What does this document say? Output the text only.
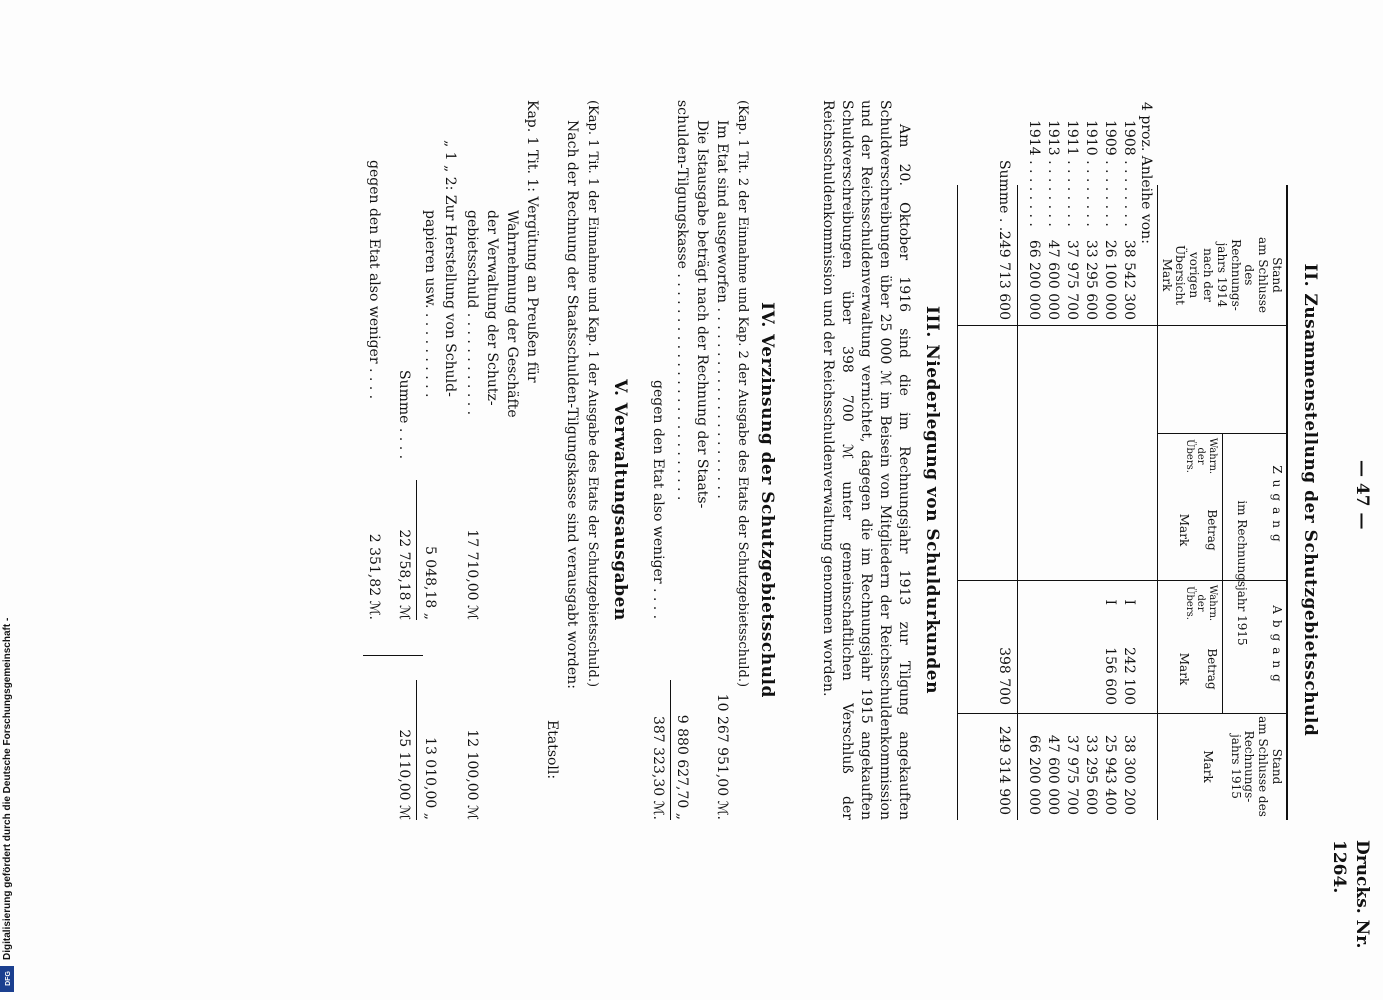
— 47 —
Drucks. Nr. 1264.
II. Zusammenstellung der Schutzgebietsschuld
Stand
am Schlusse des
Rechnungs-
jahrs 1914
nach der vorigen
Übersicht
Mark
Zugang
Abgang
im Rechnungsjahr 1915
Wahrn.
der
Übers.
Betrag

Mark
Wahrn.
der
Übers.
Betrag

Mark
Stand
am Schlusse des
Rechnungs-
jahrs 1915

Mark
4 proz. Anleihe von:
1908 . . . . . . . .
38 542 300
I
242 100
38 300 200
1909 . . . . . . . .
26 100 000
I
156 600
25 943 400
1910 . . . . . . . .
33 295 600
33 295 600
1911 . . . . . . . .
37 975 700
37 975 700
1913 . . . . . . . .
47 600 000
47 600 000
1914 . . . . . . . .
66 200 000
66 200 000
Summe . . .
249 713 600
398 700
249 314 900
III. Niederlegung von Schuldurkunden
Am 20. Oktober 1916 sind die im Rechnungsjahr 1913 zur Tilgung angekauften Schuldverschreibungen über 25 000 ℳ im Beisein von Mitgliedern der Reichsschuldenkommission und der Reichsschuldenverwaltung vernichtet, dagegen die im Rechnungsjahr 1915 angekauften Schuldverschreibungen über 398 700 ℳ unter gemeinschaftlichen Verschluß der Reichsschuldenkommission und der Reichsschuldenverwaltung genommen worden.
IV. Verzinsung der Schutzgebietsschuld
(Kap. 1 Tit. 2 der Einnahme und Kap. 2 der Ausgabe des Etats der Schutzgebietsschuld.)
Im Etat sind ausgeworfen . . . . . . . . . . . . . . . . . . . . . .
10 267 951,00 ℳ.
Die Istausgabe beträgt nach der Rechnung der Staats-
schulden-Tilgungskasse . . . . . . . . . . . . . . . . . . . . . . . . . .
9 880 627,70 „
gegen den Etat also weniger . . . .
387 323,30 ℳ.
V. Verwaltungsausgaben
(Kap. 1 Tit. 1 der Einnahme und Kap. 1 der Ausgabe des Etats der Schutzgebietsschuld.)
Nach der Rechnung der Staatsschulden-Tilgungskasse sind verausgabt worden:
Etatsoll:
Kap. 1 Tit. 1: Vergütung an Preußen für
Wahrnehmung der Geschäfte
der Verwaltung der Schutz-
gebietsschuld . . . . . . . . . . . .
17 710,00 ℳ
12 100,00 ℳ
„ 1 „ 2: Zur Herstellung von Schuld-
papieren usw. . . . . . . . . . .
5 048,18 „
13 010,00 „
Summe . . . .
22 758,18 ℳ
25 110,00 ℳ
gegen den Etat also weniger . . . .
2 351,82 ℳ.
Digitalisierung gefördert durch die Deutsche Forschungsgemeinschaft -
DFG
